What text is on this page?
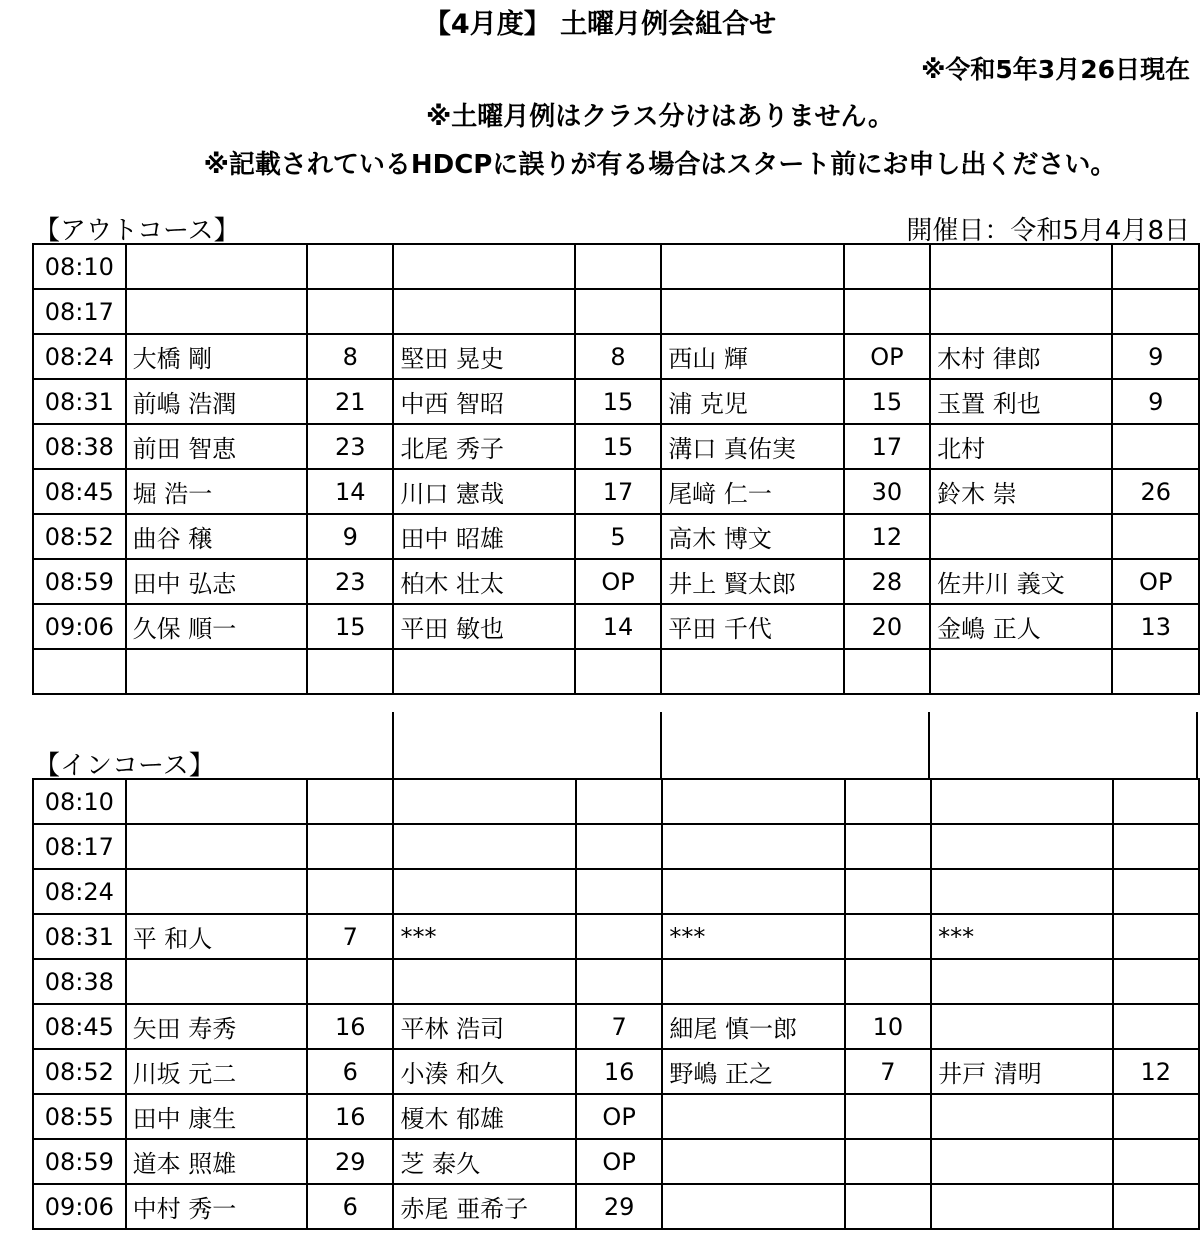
【4月度】 土曜月例会組合せ
※令和5年3月26日現在
※土曜月例はクラス分けはありません。
※記載されているHDCPに誤りが有る場合はスタート前にお申し出ください。
【アウトコース】	開催日：令和5月4月8日
08:10								
08:17								
08:24	大橋 剛	8	堅田 晃史	8	西山 輝	OP	木村 律郎	9
08:31	前嶋 浩潤	21	中西 智昭	15	浦 克児	15	玉置 利也	9
08:38	前田 智恵	23	北尾 秀子	15	溝口 真佑実	17	北村	
08:45	堀 浩一	14	川口 憲哉	17	尾﨑 仁一	30	鈴木 崇	26
08:52	曲谷 穣	9	田中 昭雄	5	高木 博文	12		
08:59	田中 弘志	23	柏木 壮太	OP	井上 賢太郎	28	佐井川 義文	OP
09:06	久保 順一	15	平田 敏也	14	平田 千代	20	金嶋 正人	13

【インコース】
08:10								
08:17								
08:24								
08:31	平 和人	7	***		***		***	
08:38								
08:45	矢田 寿秀	16	平林 浩司	7	細尾 慎一郎	10		
08:52	川坂 元二	6	小湊 和久	16	野嶋 正之	7	井戸 清明	12
08:55	田中 康生	16	榎木 郁雄	OP				
08:59	道本 照雄	29	芝 泰久	OP				
09:06	中村 秀一	6	赤尾 亜希子	29				
